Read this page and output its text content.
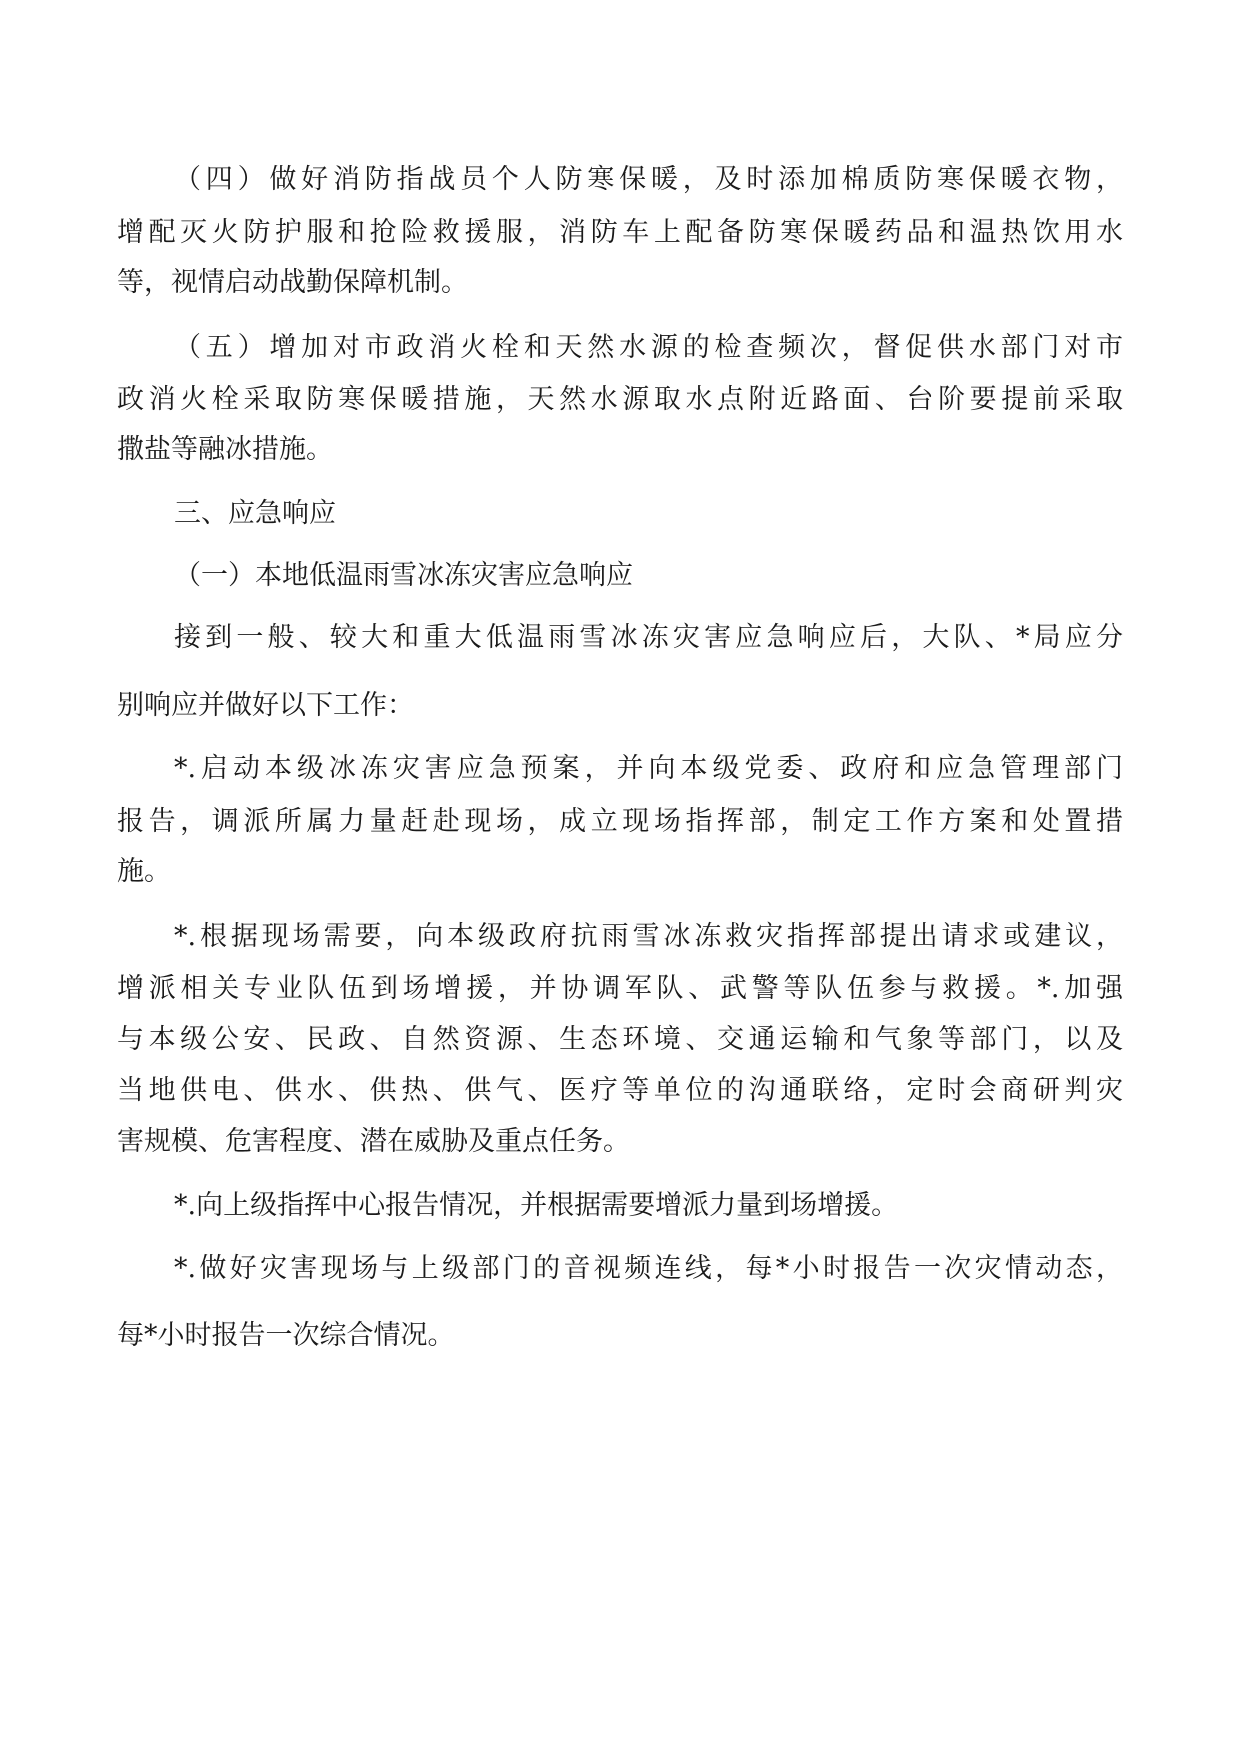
（四）做好消防指战员个人防寒保暖，及时添加棉质防寒保暖衣物，
增配灭火防护服和抢险救援服，消防车上配备防寒保暖药品和温热饮用水
等，视情启动战勤保障机制。
（五）增加对市政消火栓和天然水源的检查频次，督促供水部门对市
政消火栓采取防寒保暖措施，天然水源取水点附近路面、台阶要提前采取
撒盐等融冰措施。
三、应急响应
（一）本地低温雨雪冰冻灾害应急响应
接到一般、较大和重大低温雨雪冰冻灾害应急响应后，大队、*局应分
别响应并做好以下工作：
*.启动本级冰冻灾害应急预案，并向本级党委、政府和应急管理部门
报告，调派所属力量赶赴现场，成立现场指挥部，制定工作方案和处置措
施。
*.根据现场需要，向本级政府抗雨雪冰冻救灾指挥部提出请求或建议，
增派相关专业队伍到场增援，并协调军队、武警等队伍参与救援。*.加强
与本级公安、民政、自然资源、生态环境、交通运输和气象等部门，以及
当地供电、供水、供热、供气、医疗等单位的沟通联络，定时会商研判灾
害规模、危害程度、潜在威胁及重点任务。
*.向上级指挥中心报告情况，并根据需要增派力量到场增援。
*.做好灾害现场与上级部门的音视频连线，每*小时报告一次灾情动态，
每*小时报告一次综合情况。
